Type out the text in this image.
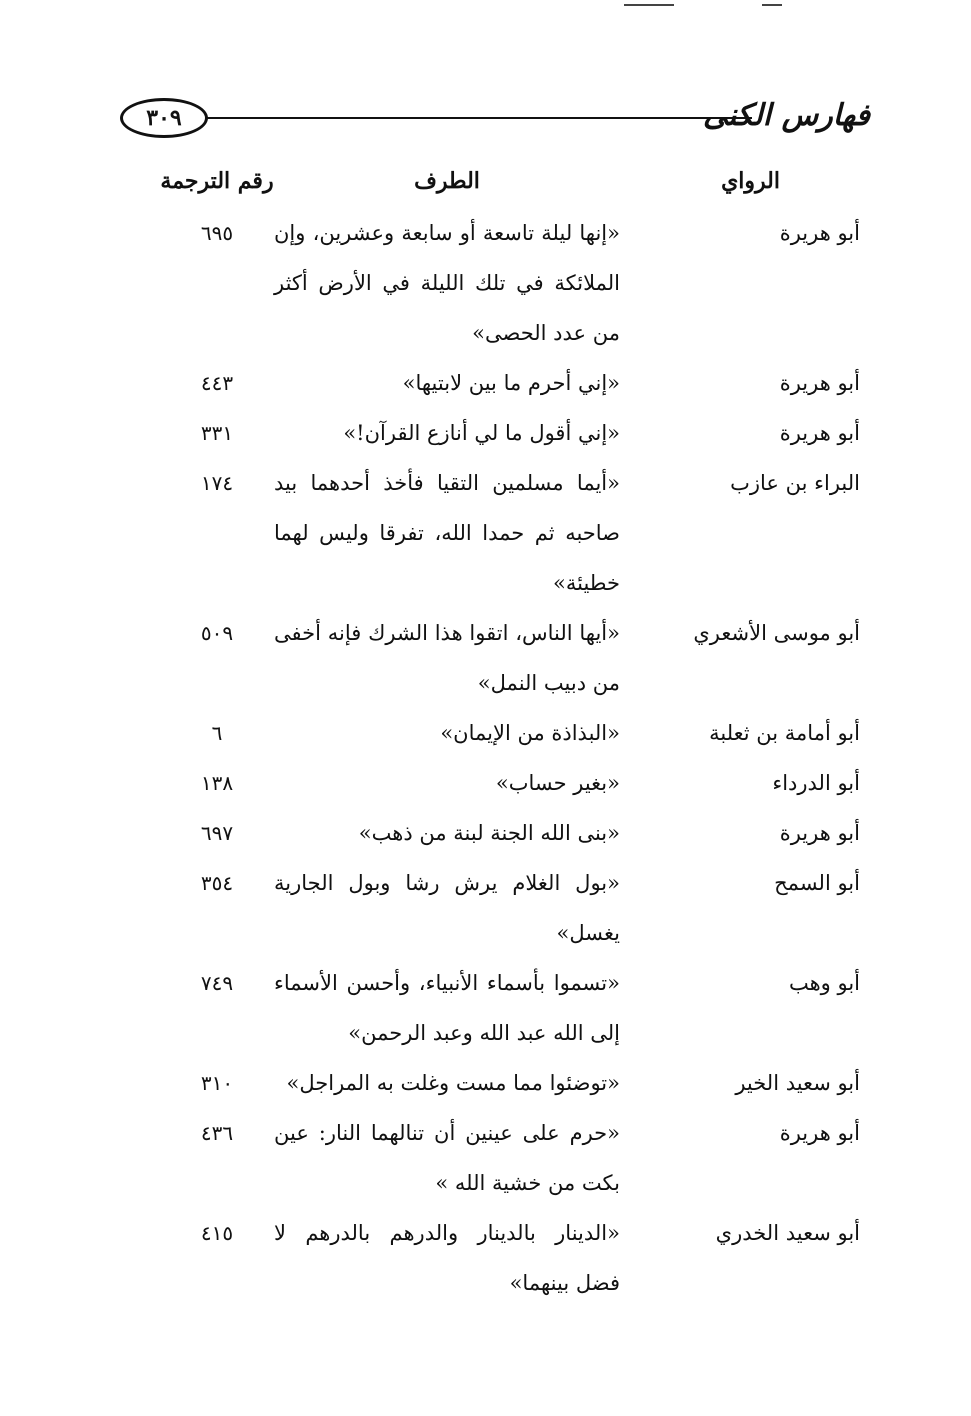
فهارس الكنى
٣٠٩
الرواي
الطرف
رقم الترجمة
أبو هريرة
«إنها ليلة تاسعة أو سابعة وعشرين، وإن الملائكة في تلك الليلة في الأرض أكثر من عدد الحصى»
٦٩٥
أبو هريرة
«إني أحرم ما بين لابتيها»
٤٤٣
أبو هريرة
«إني أقول ما لي أنازع القرآن!»
٣٣١
البراء بن عازب
«أيما مسلمين التقيا فأخذ أحدهما بيد صاحبه ثم حمدا الله، تفرقا وليس لهما خطيئة»
١٧٤
أبو موسى الأشعري
«أيها الناس، اتقوا هذا الشرك فإنه أخفى من دبيب النمل»
٥٠٩
أبو أمامة بن ثعلبة
«البذاذة من الإيمان»
٦
أبو الدرداء
«بغير حساب»
١٣٨
أبو هريرة
«بنى الله الجنة لبنة من ذهب»
٦٩٧
أبو السمح
«بول الغلام يرش رشا وبول الجارية يغسل»
٣٥٤
أبو وهب
«تسموا بأسماء الأنبياء، وأحسن الأسماء إلى الله عبد الله وعبد الرحمن»
٧٤٩
أبو سعيد الخير
«توضئوا مما مست وغلت به المراجل»
٣١٠
أبو هريرة
«حرم على عينين أن تنالهما النار: عين بكت من خشية الله »
٤٣٦
أبو سعيد الخدري
«الدينار بالدينار والدرهم بالدرهم لا فضل بينهما»
٤١٥
